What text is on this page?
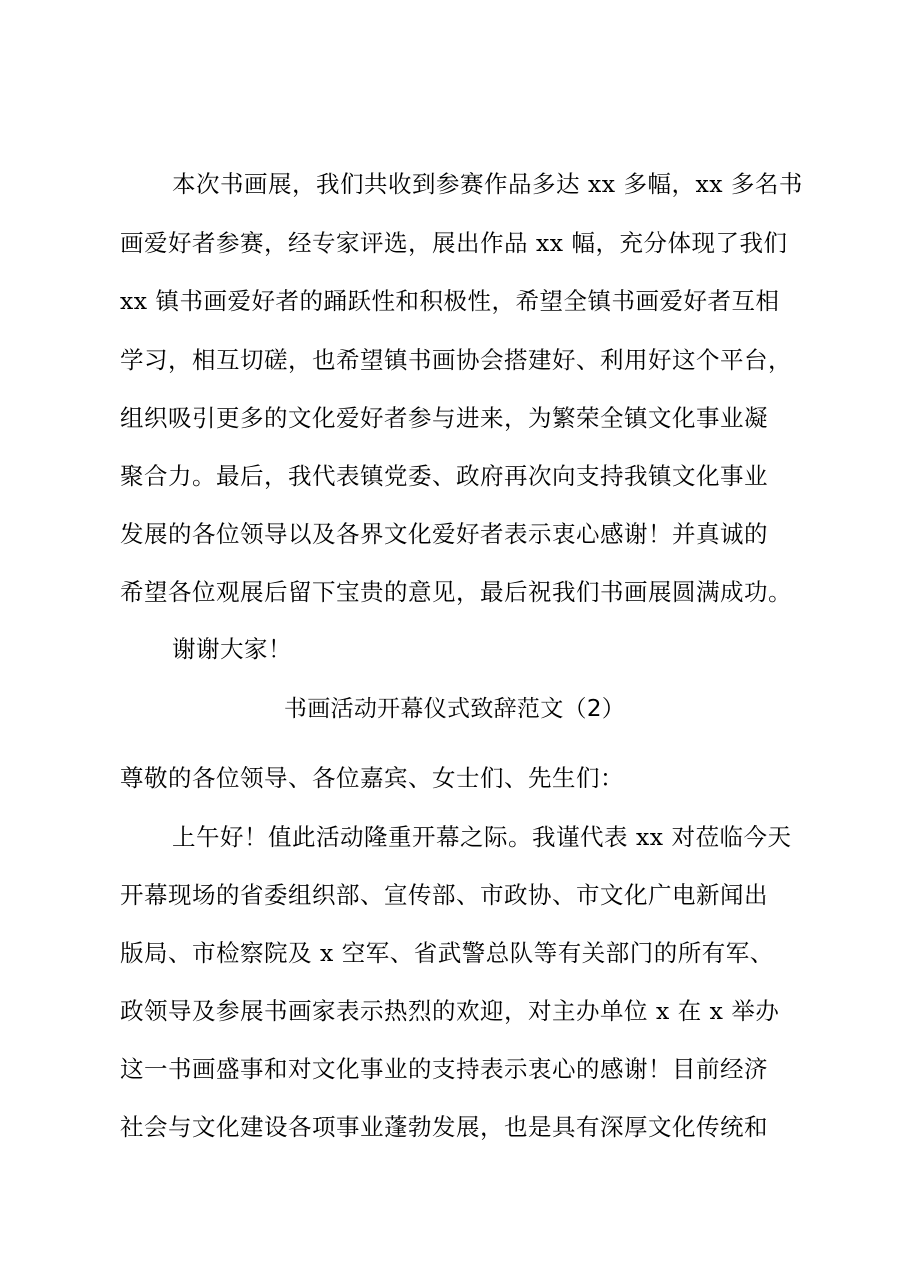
本次书画展，我们共收到参赛作品多达 xx 多幅，xx 多名书
画爱好者参赛，经专家评选，展出作品 xx 幅，充分体现了我们
xx 镇书画爱好者的踊跃性和积极性，希望全镇书画爱好者互相
学习，相互切磋，也希望镇书画协会搭建好、利用好这个平台，
组织吸引更多的文化爱好者参与进来，为繁荣全镇文化事业凝
聚合力。最后，我代表镇党委、政府再次向支持我镇文化事业
发展的各位领导以及各界文化爱好者表示衷心感谢！并真诚的
希望各位观展后留下宝贵的意见，最后祝我们书画展圆满成功。
谢谢大家！
书画活动开幕仪式致辞范文（2）
尊敬的各位领导、各位嘉宾、女士们、先生们：
上午好！值此活动隆重开幕之际。我谨代表 xx 对莅临今天
开幕现场的省委组织部、宣传部、市政协、市文化广电新闻出
版局、市检察院及 x 空军、省武警总队等有关部门的所有军、
政领导及参展书画家表示热烈的欢迎，对主办单位 x 在 x 举办
这一书画盛事和对文化事业的支持表示衷心的感谢！目前经济
社会与文化建设各项事业蓬勃发展，也是具有深厚文化传统和
